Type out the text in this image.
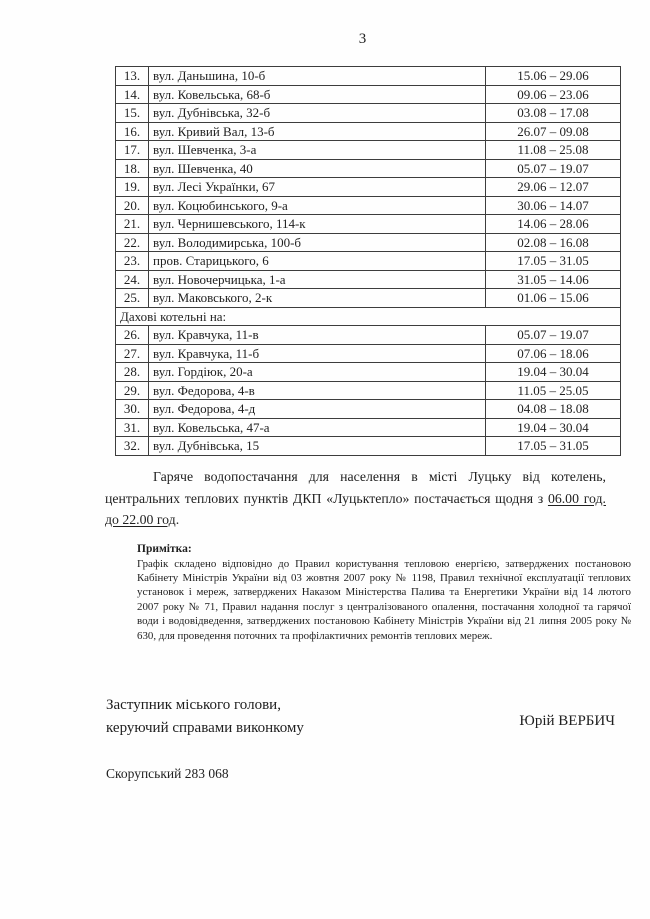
3
13.	вул. Даньшина, 10-б	15.06 – 29.06
14.	вул. Ковельська, 68-б	09.06 – 23.06
15.	вул. Дубнівська, 32-б	03.08 – 17.08
16.	вул. Кривий Вал, 13-б	26.07 – 09.08
17.	вул. Шевченка, 3-а	11.08 – 25.08
18.	вул. Шевченка, 40	05.07 – 19.07
19.	вул. Лесі Українки, 67	29.06 – 12.07
20.	вул. Коцюбинського, 9-а	30.06 – 14.07
21.	вул. Чернишевського, 114-к	14.06 – 28.06
22.	вул. Володимирська, 100-б	02.08 – 16.08
23.	пров. Старицького, 6	17.05 – 31.05
24.	вул. Новочерчицька, 1-а	31.05 – 14.06
25.	вул. Маковського, 2-к	01.06 – 15.06
Дахові котельні на:		
26.	вул. Кравчука, 11-в	05.07 – 19.07
27.	вул. Кравчука, 11-б	07.06 – 18.06
28.	вул. Гордіюк, 20-а	19.04 – 30.04
29.	вул. Федорова, 4-в	11.05 – 25.05
30.	вул. Федорова, 4-д	04.08 – 18.08
31.	вул. Ковельська, 47-а	19.04 – 30.04
32.	вул. Дубнівська, 15	17.05 – 31.05

Гаряче водопостачання для населення в місті Луцьку від котелень, центральних теплових пунктів ДКП «Луцьктепло» постачається щодня з 06.00 год. до 22.00 год.

Примітка:
Графік складено відповідно до Правил користування тепловою енергією, затверджених постановою Кабінету Міністрів України від 03 жовтня 2007 року № 1198, Правил технічної експлуатації теплових установок і мереж, затверджених Наказом Міністерства Палива та Енергетики України від 14 лютого 2007 року № 71, Правил надання послуг з централізованого опалення, постачання холодної та гарячої води і водовідведення, затверджених постановою Кабінету Міністрів України від 21 липня 2005 року № 630, для проведення поточних та профілактичних ремонтів теплових мереж.
Заступник міського голови,
керуючий справами виконкому	Юрій ВЕРБИЧ
Скорупський 283 068
